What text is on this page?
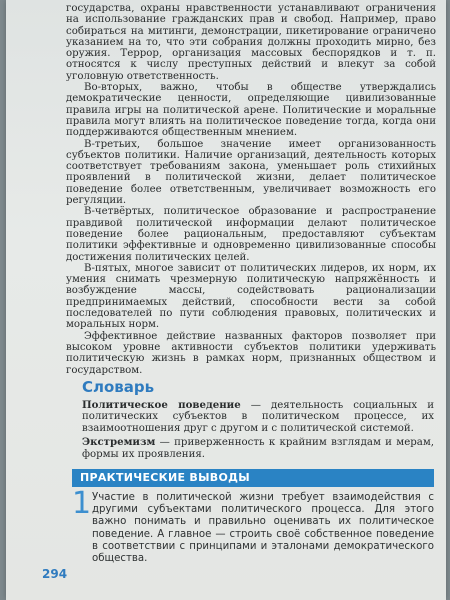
государства, охраны нравственности устанавливают ограничения на использование гражданских прав и свобод. Например, право собираться на митинги, демонстрации, пикетирование ограничено указанием на то, что эти собрания должны проходить мирно, без оружия. Террор, организация массовых беспорядков и т. п. относятся к числу преступных действий и влекут за собой уголовную ответственность.

Во-вторых, важно, чтобы в обществе утверждались демократические ценности, определяющие цивилизованные правила игры на политической арене. Политические и моральные правила могут влиять на политическое поведение тогда, когда они поддерживаются общественным мнением.

В-третьих, большое значение имеет организованность субъектов политики. Наличие организаций, деятельность которых соответствует требованиям закона, уменьшает роль стихийных проявлений в политической жизни, делает политическое поведение более ответственным, увеличивает возможность его регуляции.

В-четвёртых, политическое образование и распространение правдивой политической информации делают политическое поведение более рациональным, предоставляют субъектам политики эффективные и одновременно цивилизованные способы достижения политических целей.

В-пятых, многое зависит от политических лидеров, их норм, их умения снимать чрезмерную политическую напряжённость и возбуждение массы, содействовать рационализации предпринимаемых действий, способности вести за собой последователей по пути соблюдения правовых, политических и моральных норм.

Эффективное действие названных факторов позволяет при высоком уровне активности субъектов политики удерживать политическую жизнь в рамках норм, признанных обществом и государством.

Словарь

Политическое поведение — деятельность социальных и политических субъектов в политическом процессе, их взаимоотношения друг с другом и с политической системой.

Экстремизм — приверженность к крайним взглядам и мерам, формы их проявления.

ПРАКТИЧЕСКИЕ ВЫВОДЫ
1 Участие в политической жизни требует взаимодействия с другими субъектами политического процесса. Для этого важно понимать и правильно оценивать их политическое поведение. А главное — строить своё собственное поведение в соответствии с принципами и эталонами демократического общества.
294
